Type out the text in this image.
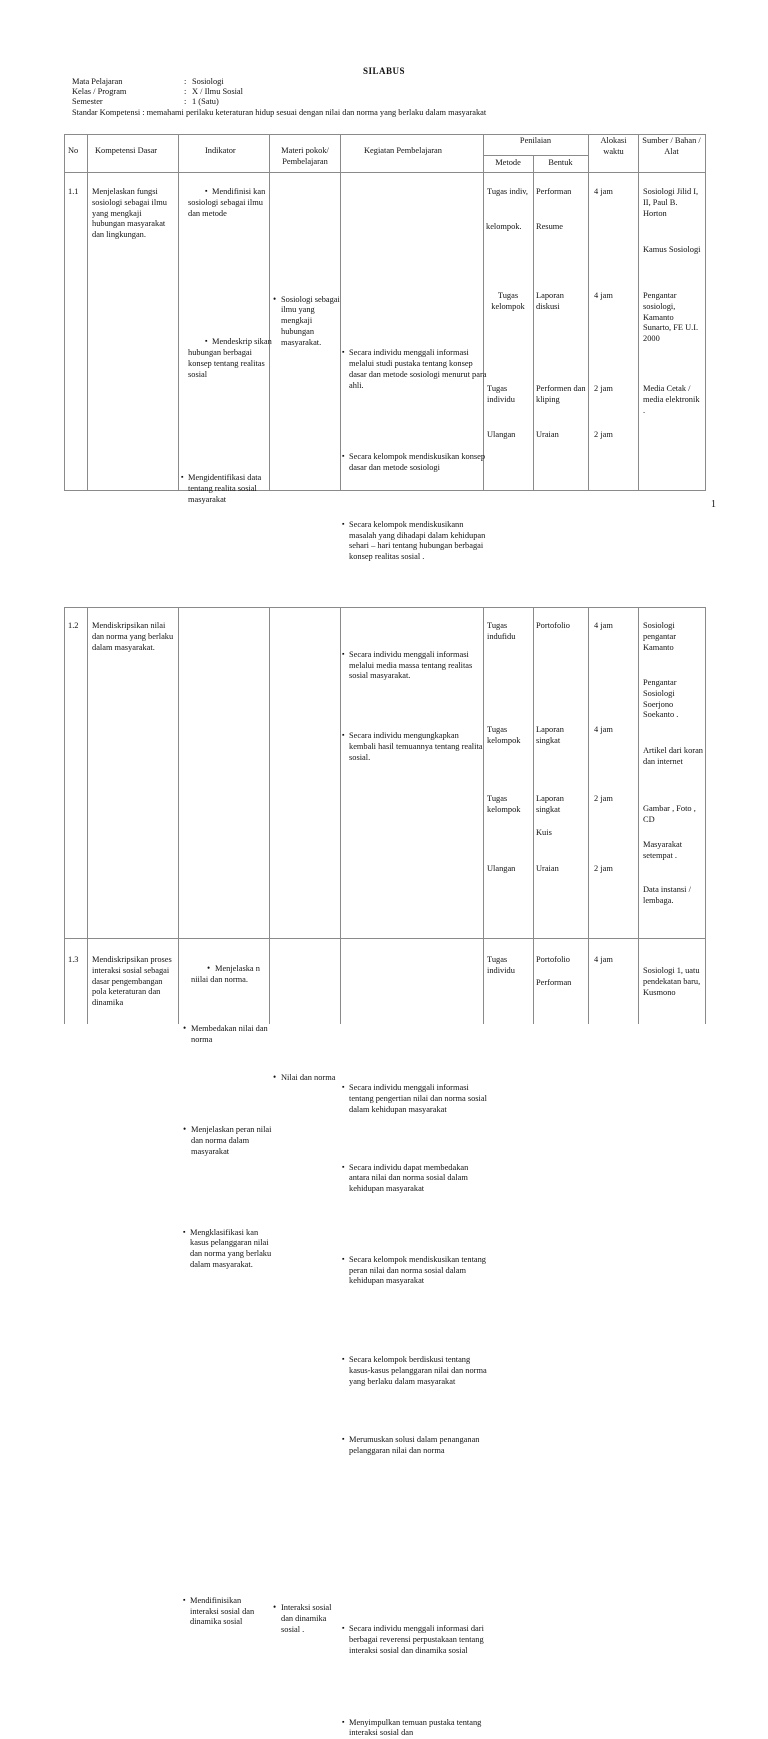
SILABUS
Mata Pelajaran	: Sosiologi
Kelas / Program	: X / Ilmu Sosial
Semester	: 1 (Satu)
Standar Kompetensi : memahami perilaku keteraturan hidup sesuai dengan nilai dan norma yang berlaku dalam masyarakat
No Kompetensi Dasar	Indikator	Materi pokok/ Pembelajaran
Kegiatan Pembelajaran
Penilaian
Metode	Bentuk
Alokasi waktu
Sumber / Bahan / Alat
1.1 Menjelaskan fungsi sosiologi sebagai ilmu yang mengkaji hubungan masyarakat dan lingkungan.
▪ Mendifinisi kan sosiologi sebagai ilmu dan metode
▪ Mendeskrip sikan hubungan berbagai konsep tentang realitas sosial
▪ Mengidentifikasi data tentang realita sosial masyarakat
• Sosiologi sebagai ilmu yang mengkaji hubungan masyarakat.
▪ Secara individu menggali informasi melalui studi pustaka tentang konsep dasar dan metode sosiologi menurut para ahli.
▪ Secara kelompok mendiskusikan konsep dasar dan metode sosiologi
▪ Secara kelompok mendiskusikann masalah yang dihadapi dalam kehidupan sehari – hari tentang hubungan berbagai konsep realitas sosial .
▪ Secara individu menggali informasi melalui media massa tentang realitas sosial masyarakat.
▪ Secara individu mengungkapkan kembali hasil temuannya tentang realita sosial.
Tugas indiv,
kelompok.
Tugas kelompok
Tugas individu
Ulangan
Performan
Resume
Laporan diskusi
Performen dan kliping
Uraian
4 jam
4 jam
2 jam
2 jam
Sosiologi Jilid I, II, Paul B. Horton
Kamus Sosiologi
Pengantar sosiologi, Kamanto Sunarto, FE U.I. 2000
Media Cetak / media elektronik .
1
1.2 Mendiskripsikan nilai dan norma yang berlaku dalam masyarakat.
• Menjelaska n niilai dan norma.
• Membedakan nilai dan norma
• Menjelaskan peran nilai dan norma dalam masyarakat
▪ Mengklasifikasi kan kasus pelanggaran nilai dan norma yang berlaku dalam masyarakat.
• Nilai dan norma
▪ Secara individu menggali informasi tentang pengertian nilai dan norma sosial dalam kehidupan masyarakat
▪ Secara individu dapat membedakan antara nilai dan norma sosial dalam kehidupan masyarakat
▪ Secara kelompok mendiskusikan tentang peran nilai dan norma sosial dalam kehidupan masyarakat
▪ Secara kelompok berdiskusi tentang kasus-kasus pelanggaran nilai dan norma yang berlaku dalam masyarakat
▪ Merumuskan solusi dalam penanganan pelanggaran nilai dan norma
Tugas indufidu
Tugas kelompok
Tugas kelompok
Ulangan
Portofolio
Laporan singkat
Laporan singkat
Kuis
Uraian
4 jam
4 jam
2 jam
2 jam
Sosiologi pengantar Kamanto
Pengantar Sosiologi Soerjono Soekanto .
Artikel dari koran dan internet
Gambar , Foto , CD
Masyarakat setempat .
Data instansi / lembaga.
1.3 Mendiskripsikan proses interaksi sosial sebagai dasar pengembangan pola keteraturan dan dinamika
▪ Mendifinisikan interaksi sosial dan dinamika sosial
• Interaksi sosial dan dinamika sosial .
▪	Secara individu menggali informasi dari berbagai reverensi perpustakaan tentang interaksi sosial dan dinamika sosial
▪ Menyimpulkan temuan pustaka tentang interaksi sosial dan
Tugas individu
Portofolio
Performan
4 jam
Sosiologi 1, uatu pendekatan baru, Kusmono
